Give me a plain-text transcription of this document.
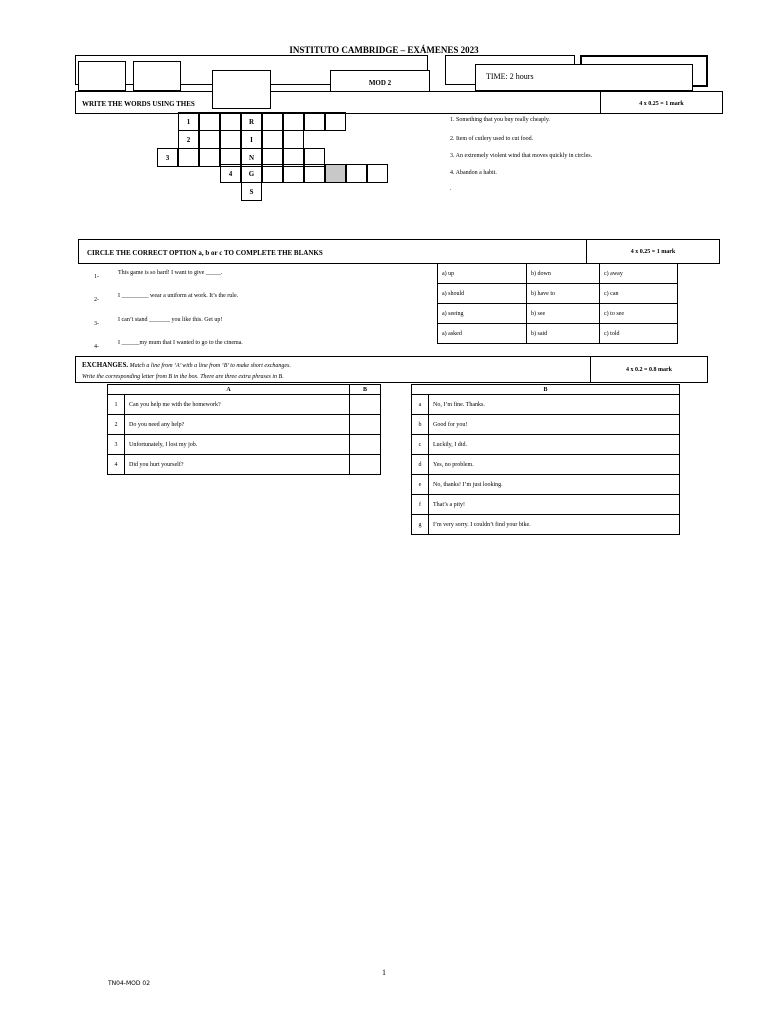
INSTITUTO CAMBRIDGE – EXÁMENES 2023
MOD 2
TIME: 2 hours
WRITE THE WORDS USING THES	4 x 0.25 = 1 mark
1	R
2	I
3	N
4	G
S
1. Something that you buy really cheaply.
2. Item of cutlery used to cut food.
3. An extremely violent wind that moves quickly in circles.
4. Abandon a habit.
.
CIRCLE THE CORRECT OPTION a, b or c TO COMPLETE THE BLANKS	4 x 0.25 = 1 mark
1-
This game is so hard! I want to give _____.
2-
I _________ wear a uniform at work. It’s the rule.
3-
I can’t stand _______ you like this. Get up!
4-
I ______my mum that I wanted to go to the cinema.
a) up	b) down	c) away
a) should	b) have to	c) can
a) seeing	b) see	c) to see
a) asked	b) said	c) told
EXCHANGES. Match a line from ‘A’ with a line from ‘B’ to make short exchanges.
Write the corresponding letter from B in the box. There are three extra phrases in B.
4 x 0.2 = 0.8 mark
A		B
1	Can you help me with the homework?	
2	Do you need any help?	
3	Unfortunately, I lost my job.	
4	Did you hurt yourself?	
B	
a	No, I’m fine. Thanks.
b	Good for you!
c	Luckily, I did.
d	Yes, no problem.
e	No, thanks! I’m just looking.
f	That’s a pity!
g	I’m very sorry. I couldn’t find your bike.
1
TN04-MOD 02
